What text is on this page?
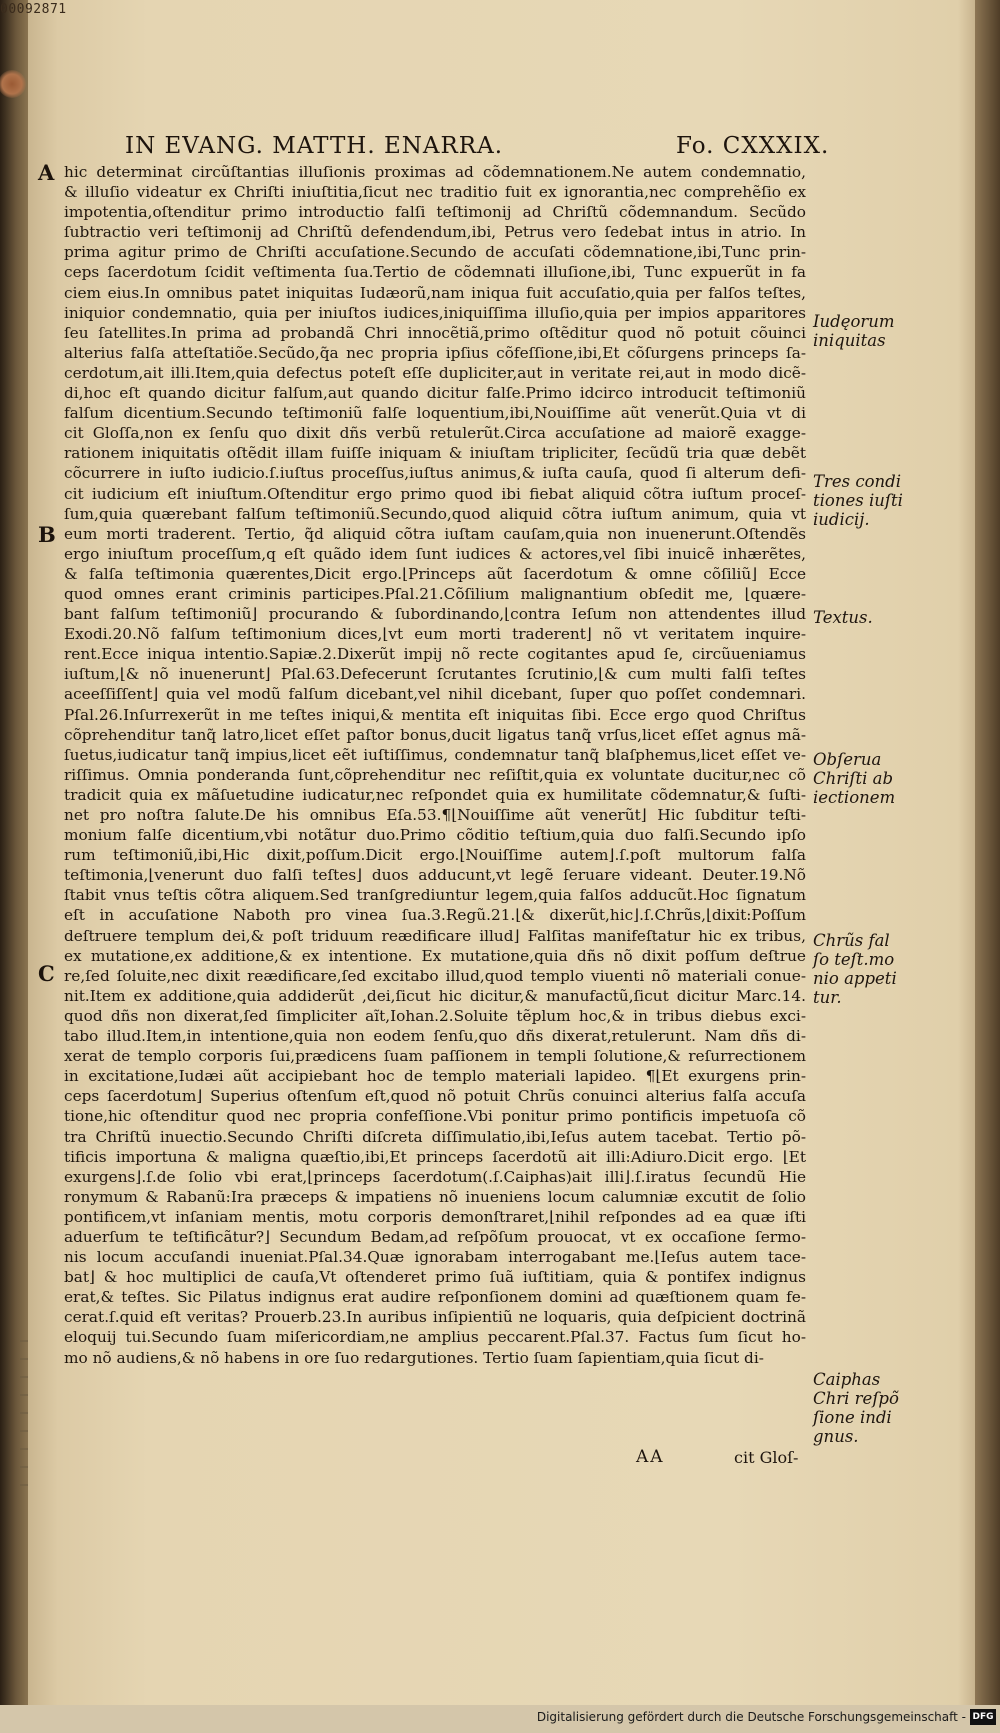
00092871
IN EVANG. MATTH. ENARRA.	Fo. CXXXIX.
A
B
C
hic determinat circũſtantias illuſionis proximas ad cõdemnationem.Ne autem condemnatio,
& illuſio videatur ex Chriſti iniuſtitia,ſicut nec traditio fuit ex ignorantia,nec comprehẽſio ex
impotentia,oſtenditur primo introductio falſi teſtimonij ad Chriſtũ cõdemnandum. Secũdo
ſubtractio veri teſtimonij ad Chriſtũ defendendum,ibi, Petrus vero ſedebat intus in atrio. In
prima agitur primo de Chriſti accuſatione.Secundo de accuſati cõdemnatione,ibi,Tunc prin-
ceps ſacerdotum ſcidit veſtimenta ſua.Tertio de cõdemnati illuſione,ibi, Tunc expuerũt in fa
ciem eius.In omnibus patet iniquitas Iudæorũ,nam iniqua fuit accuſatio,quia per falſos teſtes,
iniquior condemnatio, quia per iniuſtos iudices,iniquiſſima illuſio,quia per impios apparitores
ſeu ſatellites.In prima ad probandã Chri innocẽtiã,primo oſtẽditur quod nõ potuit cõuinci
alterius falſa atteſtatiõe.Secũdo,q̃a nec propria ipſius cõfeſſione,ibi,Et cõſurgens princeps ſa-
cerdotum,ait illi.Item,quia defectus poteſt eſſe dupliciter,aut in veritate rei,aut in modo dicẽ-
di,hoc eſt quando dicitur falſum,aut quando dicitur falſe.Primo idcirco introducit teſtimoniũ
falſum dicentium.Secundo teſtimoniũ falſe loquentium,ibi,Nouiſſime aũt venerũt.Quia vt di
cit Gloſſa,non ex ſenſu quo dixit dñs verbũ retulerũt.Circa accuſatione ad maiorẽ exagge-
rationem iniquitatis oſtẽdit illam fuiſſe iniquam & iniuſtam tripliciter, ſecũdũ tria quæ debẽt
cõcurrere in iuſto iudicio.ſ.iuſtus proceſſus,iuſtus animus,& iuſta cauſa, quod ſi alterum defi-
cit iudicium eſt iniuſtum.Oſtenditur ergo primo quod ibi fiebat aliquid cõtra iuſtum proceſ-
ſum,quia quærebant falſum teſtimoniũ.Secundo,quod aliquid cõtra iuſtum animum, quia vt
eum morti traderent. Tertio, q̃d aliquid cõtra iuſtam cauſam,quia non inuenerunt.Oſtendẽs
ergo iniuſtum proceſſum,q eſt quãdo idem ſunt iudices & actores,vel ſibi inuicẽ inhærẽtes,
& falſa teſtimonia quærentes,Dicit ergo.⌊Princeps aũt ſacerdotum & omne cõſiliũ⌋ Ecce
quod omnes erant criminis participes.Pſal.21.Cõſilium malignantium obſedit me, ⌊quære-
bant falſum teſtimoniũ⌋ procurando & ſubordinando,⌊contra Ieſum non attendentes illud
Exodi.20.Nõ falſum teſtimonium dices,⌊vt eum morti traderent⌋ nõ vt veritatem inquire-
rent.Ecce iniqua intentio.Sapiæ.2.Dixerũt impij nõ recte cogitantes apud ſe, circũueniamus
iuſtum,⌊& nõ inuenerunt⌋ Pſal.63.Defecerunt ſcrutantes ſcrutinio,⌊& cum multi falſi teſtes
aceeſſiſſent⌋ quia vel modũ falſum dicebant,vel nihil dicebant, ſuper quo poſſet condemnari.
Pſal.26.Inſurrexerũt in me teſtes iniqui,& mentita eſt iniquitas ſibi. Ecce ergo quod Chriſtus
cõprehenditur tanq̃ latro,licet eſſet paſtor bonus,ducit ligatus tanq̃ vrſus,licet eſſet agnus mã-
ſuetus,iudicatur tanq̃ impius,licet eẽt iuſtiſſimus, condemnatur tanq̃ blaſphemus,licet eſſet ve-
riſſimus. Omnia ponderanda ſunt,cõprehenditur nec reſiſtit,quia ex voluntate ducitur,nec cõ
tradicit quia ex mãſuetudine iudicatur,nec reſpondet quia ex humilitate cõdemnatur,& ſuſti-
net pro noſtra ſalute.De his omnibus Eſa.53.¶⌊Nouiſſime aũt venerũt⌋ Hic ſubditur teſti-
monium falſe dicentium,vbi notãtur duo.Primo cõditio teſtium,quia duo falſi.Secundo ipſo
rum teſtimoniũ,ibi,Hic dixit,poſſum.Dicit ergo.⌊Nouiſſime autem⌋.ſ.poſt multorum falſa
teſtimonia,⌊venerunt duo falſi teſtes⌋ duos adducunt,vt legẽ ſeruare videant. Deuter.19.Nõ
ſtabit vnus teſtis cõtra aliquem.Sed tranſgrediuntur legem,quia falſos adducũt.Hoc ſignatum
eſt in accuſatione Naboth pro vinea ſua.3.Regũ.21.⌊& dixerũt,hic⌋.ſ.Chrũs,⌊dixit:Poſſum
deſtruere templum dei,& poſt triduum reædificare illud⌋ Falſitas manifeſtatur hic ex tribus,
ex mutatione,ex additione,& ex intentione. Ex mutatione,quia dñs nõ dixit poſſum deſtrue
re,ſed ſoluite,nec dixit reædificare,ſed excitabo illud,quod templo viuenti nõ materiali conue-
nit.Item ex additione,quia addiderũt ,dei,ſicut hic dicitur,& manufactũ,ſicut dicitur Marc.14.
quod dñs non dixerat,ſed ſimpliciter aĩt,Iohan.2.Soluite tẽplum hoc,& in tribus diebus exci-
tabo illud.Item,in intentione,quia non eodem ſenſu,quo dñs dixerat,retulerunt. Nam dñs di-
xerat de templo corporis ſui,prædicens ſuam paſſionem in templi ſolutione,& reſurrectionem
in excitatione,Iudæi aũt accipiebant hoc de templo materiali lapideo. ¶⌊Et exurgens prin-
ceps ſacerdotum⌋ Superius oſtenſum eſt,quod nõ potuit Chrũs conuinci alterius falſa accuſa
tione,hic oſtenditur quod nec propria confeſſione.Vbi ponitur primo pontificis impetuoſa cõ
tra Chriſtũ inuectio.Secundo Chriſti diſcreta diſſimulatio,ibi,Ieſus autem tacebat. Tertio põ-
tificis importuna & maligna quæſtio,ibi,Et princeps ſacerdotũ ait illi:Adiuro.Dicit ergo. ⌊Et
exurgens⌋.ſ.de ſolio vbi erat,⌊princeps ſacerdotum(.ſ.Caiphas)ait illi⌋.ſ.iratus ſecundũ Hie
ronymum & Rabanũ:Ira præceps & impatiens nõ inueniens locum calumniæ excutit de ſolio
pontificem,vt inſaniam mentis, motu corporis demonſtraret,⌊nihil reſpondes ad ea quæ iſti
aduerſum te teſtificãtur?⌋ Secundum Bedam,ad reſpõſum prouocat, vt ex occaſione ſermo-
nis locum accuſandi inueniat.Pſal.34.Quæ ignorabam interrogabant me.⌊Ieſus autem tace-
bat⌋ & hoc multiplici de cauſa,Vt oſtenderet primo ſuã iuſtitiam, quia & pontifex indignus
erat,& teſtes. Sic Pilatus indignus erat audire reſponſionem domini ad quæſtionem quam fe-
cerat.ſ.quid eſt veritas? Prouerb.23.In auribus inſipientiũ ne loquaris, quia deſpicient doctrinã
eloquij tui.Secundo ſuam miſericordiam,ne amplius peccarent.Pſal.37. Factus ſum ſicut ho-
mo nõ audiens,& nõ habens in ore ſuo redargutiones. Tertio ſuam ſapientiam,quia ſicut di-
Iudęorum
iniquitas
Tres condi
tiones iuſti
iudicij.
Textus.
Obſerua
Chriſti ab
iectionem
Chrũs fal
ſo teſt.mo
nio appeti
tur.
Caiphas
Chri reſpõ
ſione indi
gnus.
AA	cit Gloſ-
Digitalisierung gefördert durch die Deutsche Forschungsgemeinschaft - DFG
